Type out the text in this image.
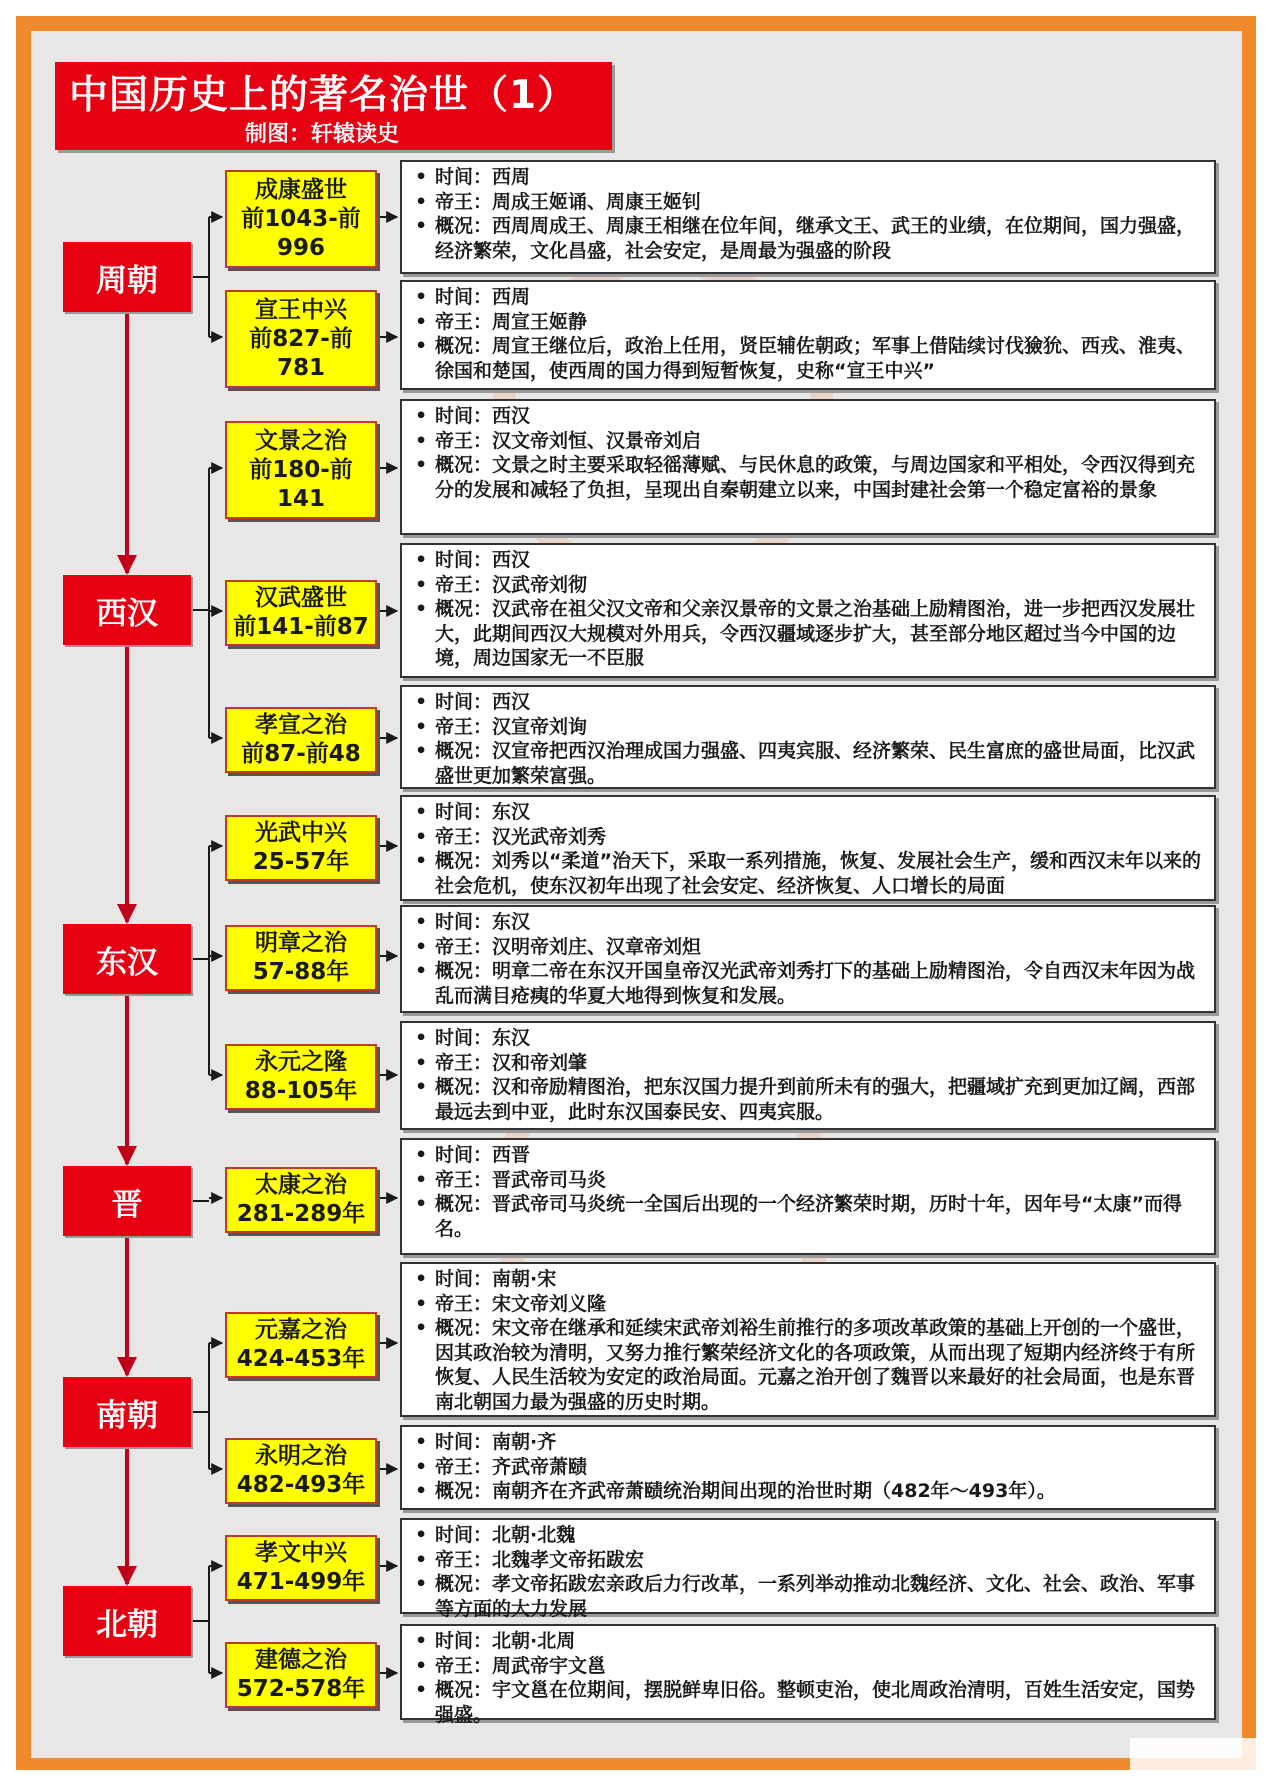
中国历史上的著名治世（1）
制图：轩辕读史
周朝
西汉
东汉
晋
南朝
北朝
成康盛世
前1043-前
996
• 时间：西周
• 帝王：周成王姬诵、周康王姬钊
• 概况：西周周成王、周康王相继在位年间，继承文王、武王的业绩，在位期间，国力强盛，经济繁荣，文化昌盛，社会安定，是周最为强盛的阶段
宣王中兴
前827-前
781
• 时间：西周
• 帝王：周宣王姬静
• 概况：周宣王继位后，政治上任用，贤臣辅佐朝政；军事上借陆续讨伐獫狁、西戎、淮夷、徐国和楚国，使西周的国力得到短暂恢复，史称“宣王中兴”
文景之治
前180-前
141
• 时间：西汉
• 帝王：汉文帝刘恒、汉景帝刘启
• 概况：文景之时主要采取轻徭薄赋、与民休息的政策，与周边国家和平相处，令西汉得到充分的发展和减轻了负担，呈现出自秦朝建立以来，中国封建社会第一个稳定富裕的景象
汉武盛世
前141-前87
• 时间：西汉
• 帝王：汉武帝刘彻
• 概况：汉武帝在祖父汉文帝和父亲汉景帝的文景之治基础上励精图治，进一步把西汉发展壮大，此期间西汉大规模对外用兵，令西汉疆域逐步扩大，甚至部分地区超过当今中国的边境，周边国家无一不臣服
孝宣之治
前87-前48
• 时间：西汉
• 帝王：汉宣帝刘询
• 概况：汉宣帝把西汉治理成国力强盛、四夷宾服、经济繁荣、民生富庶的盛世局面，比汉武盛世更加繁荣富强。
光武中兴
25-57年
• 时间：东汉
• 帝王：汉光武帝刘秀
• 概况：刘秀以“柔道”治天下，采取一系列措施，恢复、发展社会生产，缓和西汉末年以来的社会危机，使东汉初年出现了社会安定、经济恢复、人口增长的局面
明章之治
57-88年
• 时间：东汉
• 帝王：汉明帝刘庄、汉章帝刘炟
• 概况：明章二帝在东汉开国皇帝汉光武帝刘秀打下的基础上励精图治，令自西汉末年因为战乱而满目疮痍的华夏大地得到恢复和发展。
永元之隆
88-105年
• 时间：东汉
• 帝王：汉和帝刘肇
• 概况：汉和帝励精图治，把东汉国力提升到前所未有的强大，把疆域扩充到更加辽阔，西部最远去到中亚，此时东汉国泰民安、四夷宾服。
太康之治
281-289年
• 时间：西晋
• 帝王：晋武帝司马炎
• 概况：晋武帝司马炎统一全国后出现的一个经济繁荣时期，历时十年，因年号“太康”而得名。
元嘉之治
424-453年
• 时间：南朝·宋
• 帝王：宋文帝刘义隆
• 概况：宋文帝在继承和延续宋武帝刘裕生前推行的多项改革政策的基础上开创的一个盛世，因其政治较为清明，又努力推行繁荣经济文化的各项政策，从而出现了短期内经济终于有所恢复、人民生活较为安定的政治局面。元嘉之治开创了魏晋以来最好的社会局面，也是东晋南北朝国力最为强盛的历史时期。
永明之治
482-493年
• 时间：南朝·齐
• 帝王：齐武帝萧赜
• 概况：南朝齐在齐武帝萧赜统治期间出现的治世时期（482年～493年）。
孝文中兴
471-499年
• 时间：北朝·北魏
• 帝王：北魏孝文帝拓跋宏
• 概况：孝文帝拓跋宏亲政后力行改革，一系列举动推动北魏经济、文化、社会、政治、军事等方面的大力发展
建德之治
572-578年
• 时间：北朝·北周
• 帝王：周武帝宇文邕
• 概况：宇文邕在位期间，摆脱鲜卑旧俗。整顿吏治，使北周政治清明，百姓生活安定，国势强盛。
